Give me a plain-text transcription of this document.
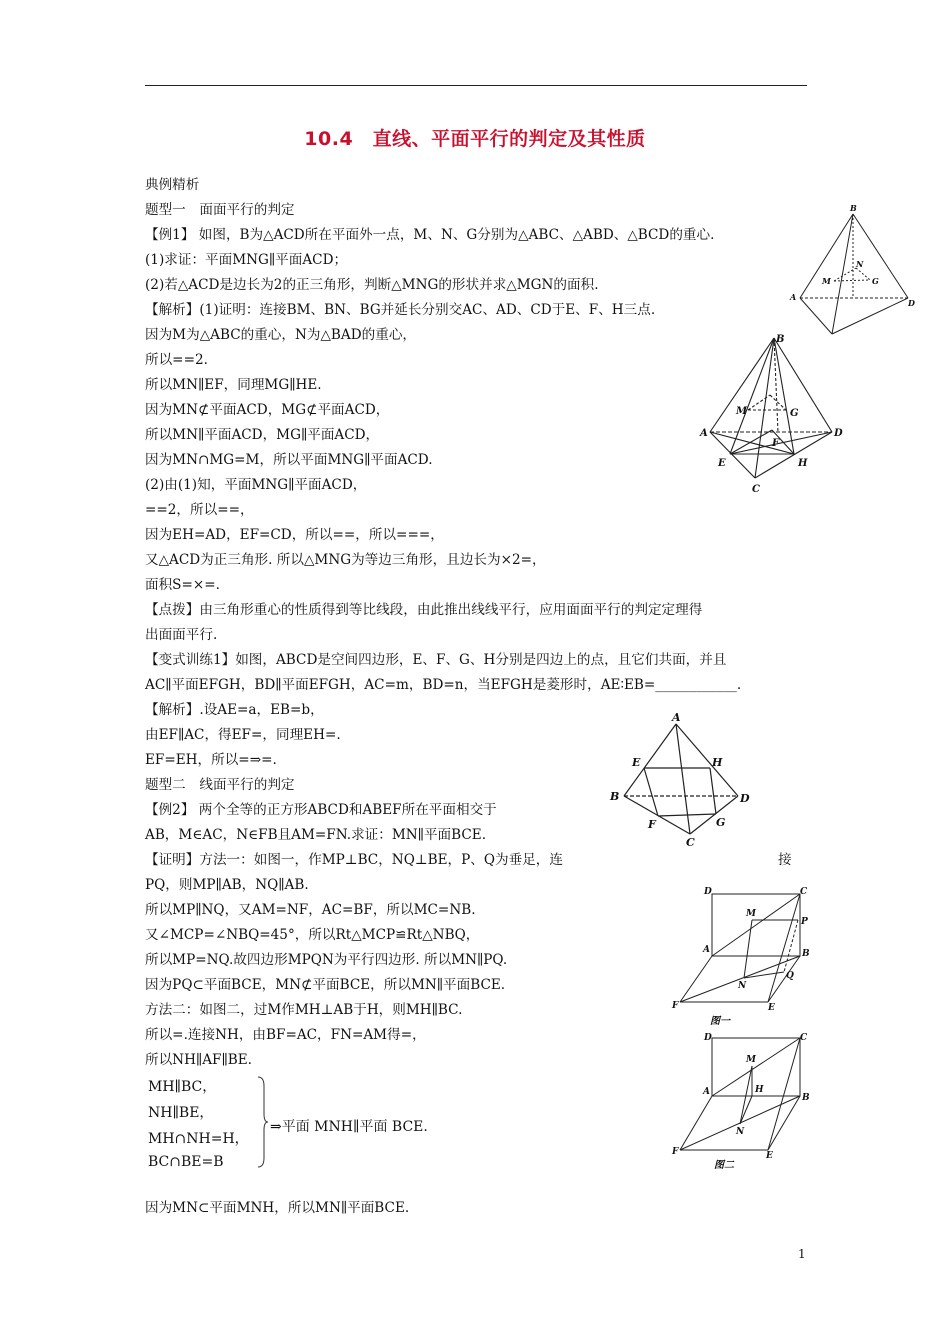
10.4　直线、平面平行的判定及其性质
典例精析
题型一　面面平行的判定
【例1】 如图，B为△ACD所在平面外一点，M、N、G分别为△ABC、△ABD、△BCD的重心.
(1)求证：平面MNG∥平面ACD；
(2)若△ACD是边长为2的正三角形，判断△MNG的形状并求△MGN的面积.
【解析】(1)证明：连接BM、BN、BG并延长分别交AC、AD、CD于E、F、H三点.
因为M为△ABC的重心，N为△BAD的重心，
所以==2.
所以MN∥EF，同理MG∥HE.
因为MN⊄平面ACD，MG⊄平面ACD，
所以MN∥平面ACD，MG∥平面ACD，
因为MN∩MG=M，所以平面MNG∥平面ACD.
(2)由(1)知，平面MNG∥平面ACD，
==2，所以==，
因为EH=AD，EF=CD，所以==，所以===，
又△ACD为正三角形. 所以△MNG为等边三角形，且边长为×2=，
面积S=×=.
【点拨】由三角形重心的性质得到等比线段，由此推出线线平行，应用面面平行的判定定理得
出面面平行.
【变式训练1】如图，ABCD是空间四边形，E、F、G、H分别是四边上的点，且它们共面，并且
AC∥平面EFGH，BD∥平面EFGH，AC=m，BD=n，当EFGH是菱形时，AE∶EB=____________.
【解析】.设AE=a，EB=b，
由EF∥AC，得EF=，同理EH=.
EF=EH，所以=⇒=.
题型二　线面平行的判定
【例2】 两个全等的正方形ABCD和ABEF所在平面相交于
AB，M∈AC，N∈FB且AM=FN.求证：MN∥平面BCE.
【证明】方法一：如图一，作MP⊥BC，NQ⊥BE，P、Q为垂足，连	接
PQ，则MP∥AB，NQ∥AB.
所以MP∥NQ，又AM=NF，AC=BF，所以MC=NB.
又∠MCP=∠NBQ=45°，所以Rt△MCP≌Rt△NBQ，
所以MP=NQ.故四边形MPQN为平行四边形. 所以MN∥PQ.
因为PQ⊂平面BCE，MN⊄平面BCE，所以MN∥平面BCE.
方法二：如图二，过M作MH⊥AB于H，则MH∥BC.
所以=.连接NH，由BF=AC，FN=AM得=，
所以NH∥AF∥BE.
MH∥BC，
NH∥BE，
MH∩NH=H，
BC∩BE=B
⇒平面 MNH∥平面 BCE.
因为MN⊂平面MNH，所以MN∥平面BCE.
1
B
N
M	G
A
D
B
M	G
A	D
F
E	H
C
A
E	H
B	D
F	G
C
D	C
M
P
A	B
Q
N
F	E
图一
D	C
M
H
A
B
N
F	E
图二
